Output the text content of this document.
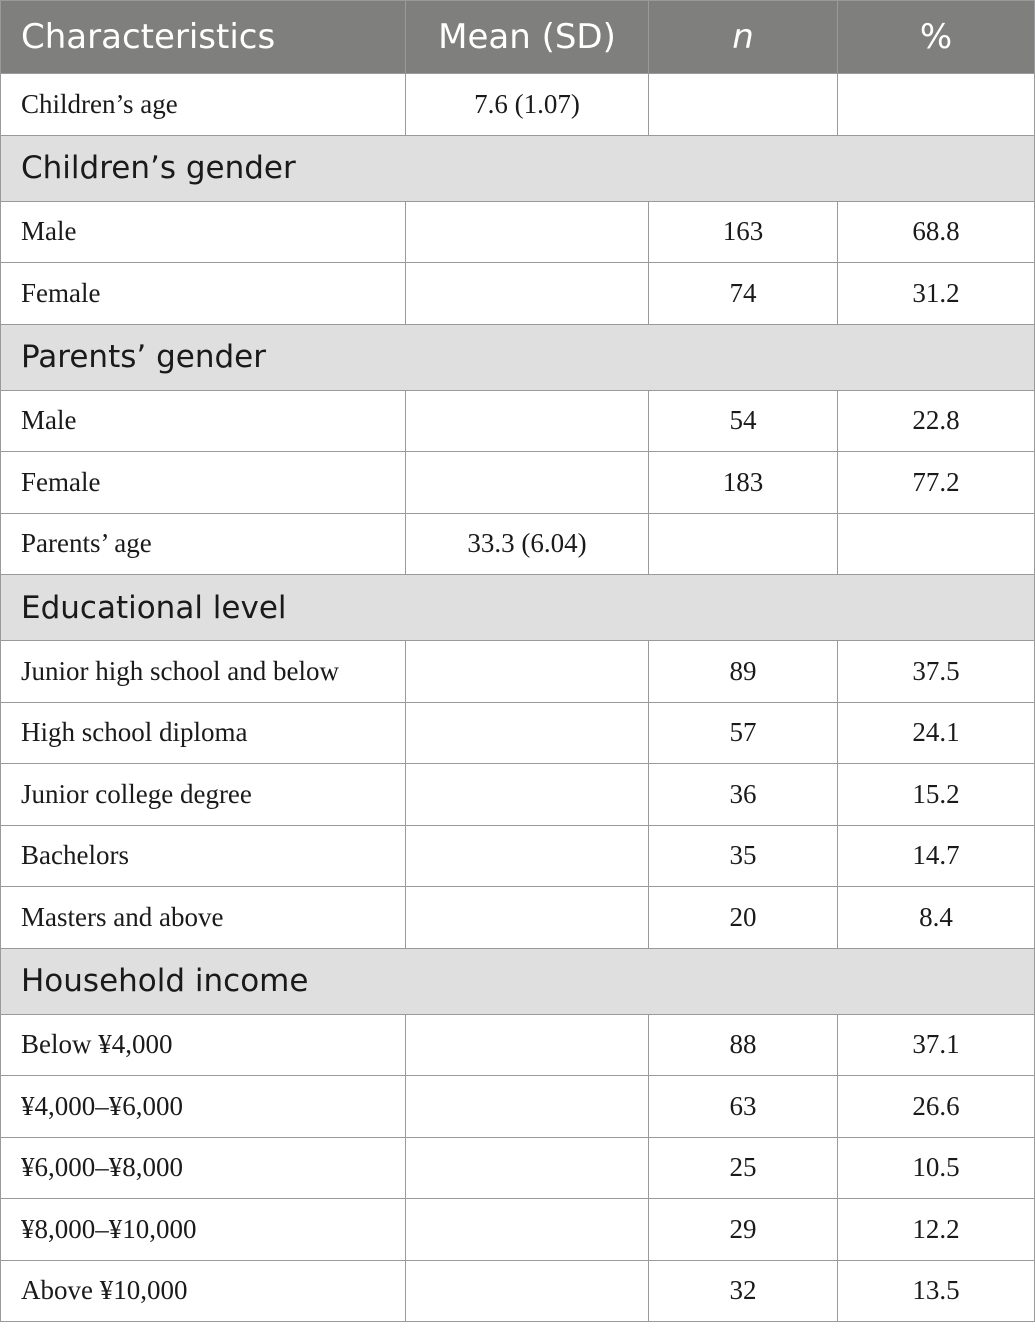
Characteristics	Mean (SD)	n	%
Children’s age	7.6 (1.07)		
Children’s gender			
Male		163	68.8
Female		74	31.2
Parents’ gender			
Male		54	22.8
Female		183	77.2
Parents’ age	33.3 (6.04)		
Educational level			
Junior high school and below		89	37.5
High school diploma		57	24.1
Junior college degree		36	15.2
Bachelors		35	14.7
Masters and above		20	8.4
Household income			
Below ¥4,000		88	37.1
¥4,000–¥6,000		63	26.6
¥6,000–¥8,000		25	10.5
¥8,000–¥10,000		29	12.2
Above ¥10,000		32	13.5
